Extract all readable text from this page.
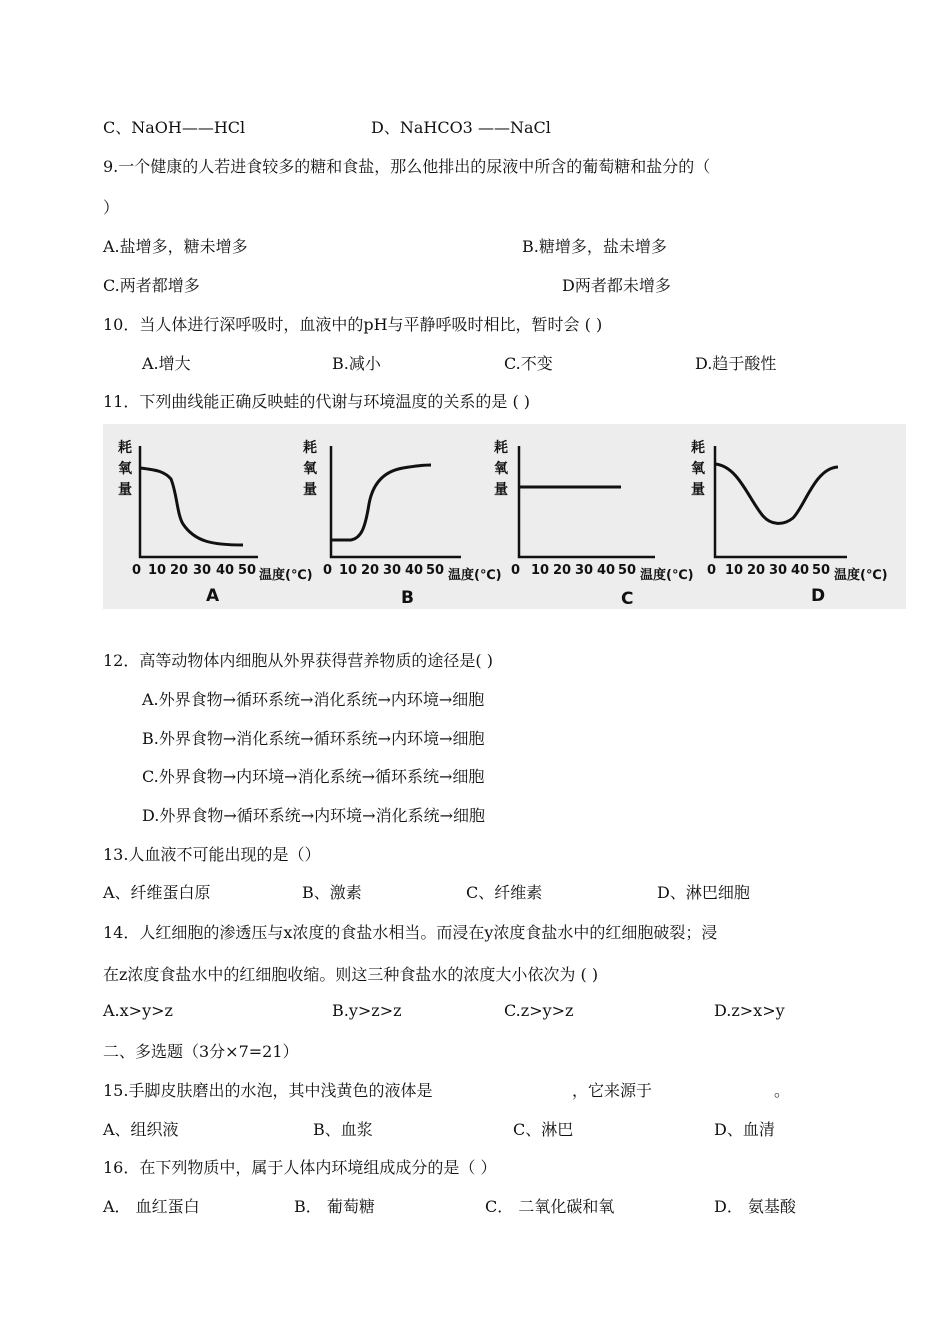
C、NaOH——HCl	D、NaHCO3 ——NaCl
9.一个健康的人若进食较多的糖和食盐，那么他排出的尿液中所含的葡萄糖和盐分的（
）
A.盐增多，糖未增多	B.糖增多，盐未增多
C.两者都增多	D两者都未增多
10．当人体进行深呼吸时，血液中的pH与平静呼吸时相比，暂时会 ( )
A.增大	B.减小	C.不变	D.趋于酸性
11．下列曲线能正确反映蛙的代谢与环境温度的关系的是 ( )
耗
氧
量
0 10 20 30 40 50 温度(℃)
A
耗
氧
量
0 10 20 30 40 50 温度(℃)
B
耗
氧
量
0 10 20 30 40 50 温度(℃)
C
耗
氧
量
0 10 20 30 40 50 温度(℃)
D
12．高等动物体内细胞从外界获得营养物质的途径是( )
A.外界食物→循环系统→消化系统→内环境→细胞
B.外界食物→消化系统→循环系统→内环境→细胞
C.外界食物→内环境→消化系统→循环系统→细胞
D.外界食物→循环系统→内环境→消化系统→细胞
13.人血液不可能出现的是（）
A、纤维蛋白原	B、激素	C、纤维素	D、淋巴细胞
14．人红细胞的渗透压与x浓度的食盐水相当。而浸在y浓度食盐水中的红细胞破裂；浸
在z浓度食盐水中的红细胞收缩。则这三种食盐水的浓度大小依次为 ( )
A.x>y>z	B.y>z>z	C.z>y>z	D.z>x>y
二、多选题（3分×7=21）
15.手脚皮肤磨出的水泡，其中浅黄色的液体是	，它来源于	。
A、组织液	B、血浆	C、淋巴	D、血清
16．在下列物质中，属于人体内环境组成成分的是（ ）
A． 血红蛋白	B． 葡萄糖	C． 二氧化碳和氧	D． 氨基酸
